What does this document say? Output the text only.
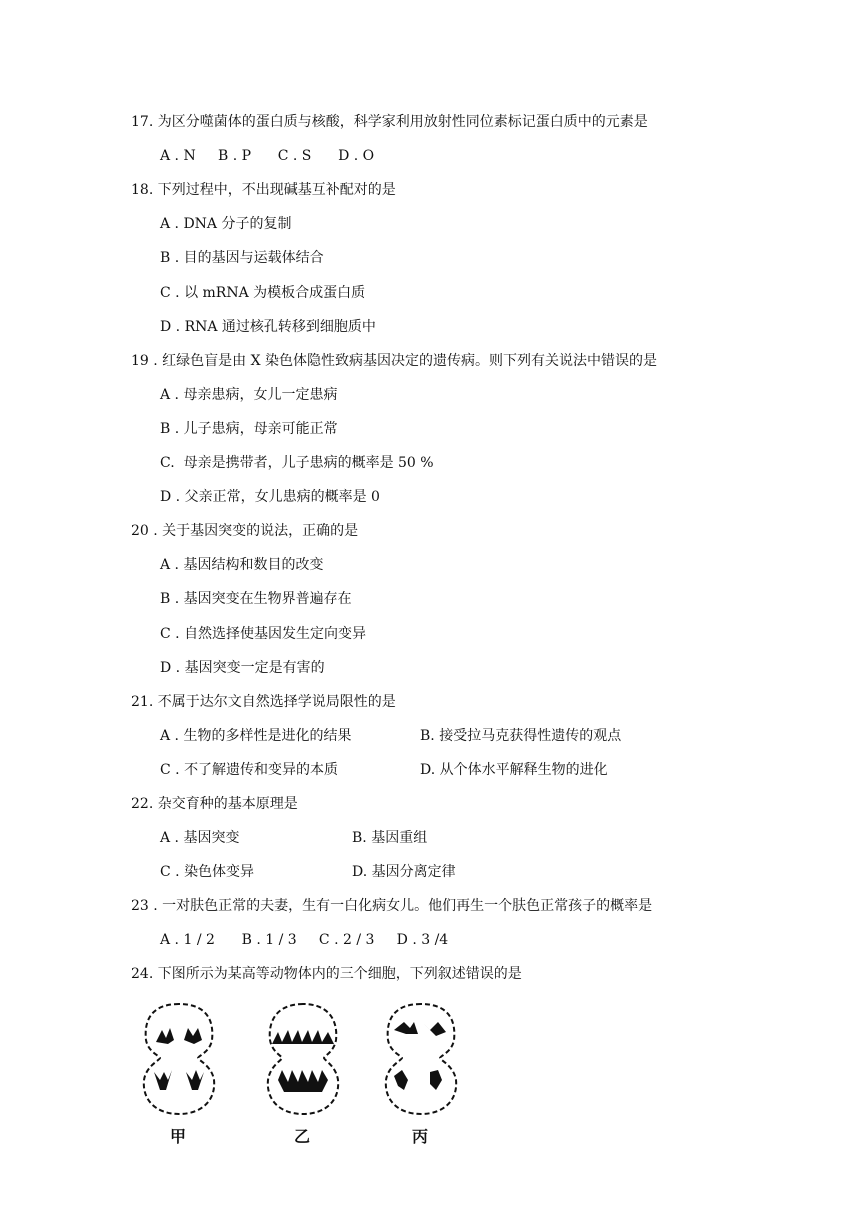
17. 为区分噬菌体的蛋白质与核酸，科学家利用放射性同位素标记蛋白质中的元素是
A . N     B . P      C . S      D . O
18. 下列过程中，不出现碱基互补配对的是
A . DNA 分子的复制
B . 目的基因与运载体结合
C . 以 mRNA 为模板合成蛋白质
D . RNA 通过核孔转移到细胞质中
19 . 红绿色盲是由 X 染色体隐性致病基因决定的遗传病。则下列有关说法中错误的是
A . 母亲患病，女儿一定患病
B . 儿子患病，母亲可能正常
C.  母亲是携带者，儿子患病的概率是 50 %
D . 父亲正常，女儿患病的概率是 0
20 . 关于基因突变的说法，正确的是
A . 基因结构和数目的改变
B . 基因突变在生物界普遍存在
C . 自然选择使基因发生定向变异
D . 基因突变一定是有害的
21. 不属于达尔文自然选择学说局限性的是
A . 生物的多样性是进化的结果	B. 接受拉马克获得性遗传的观点
C . 不了解遗传和变异的本质	D. 从个体水平解释生物的进化
22. 杂交育种的基本原理是
A . 基因突变	B. 基因重组
C . 染色体变异	D. 基因分离定律
23 . 一对肤色正常的夫妻，生有一白化病女儿。他们再生一个肤色正常孩子的概率是
A . 1 / 2      B . 1 / 3     C . 2 / 3     D . 3 /4
24. 下图所示为某高等动物体内的三个细胞，下列叙述错误的是
甲	乙	丙
